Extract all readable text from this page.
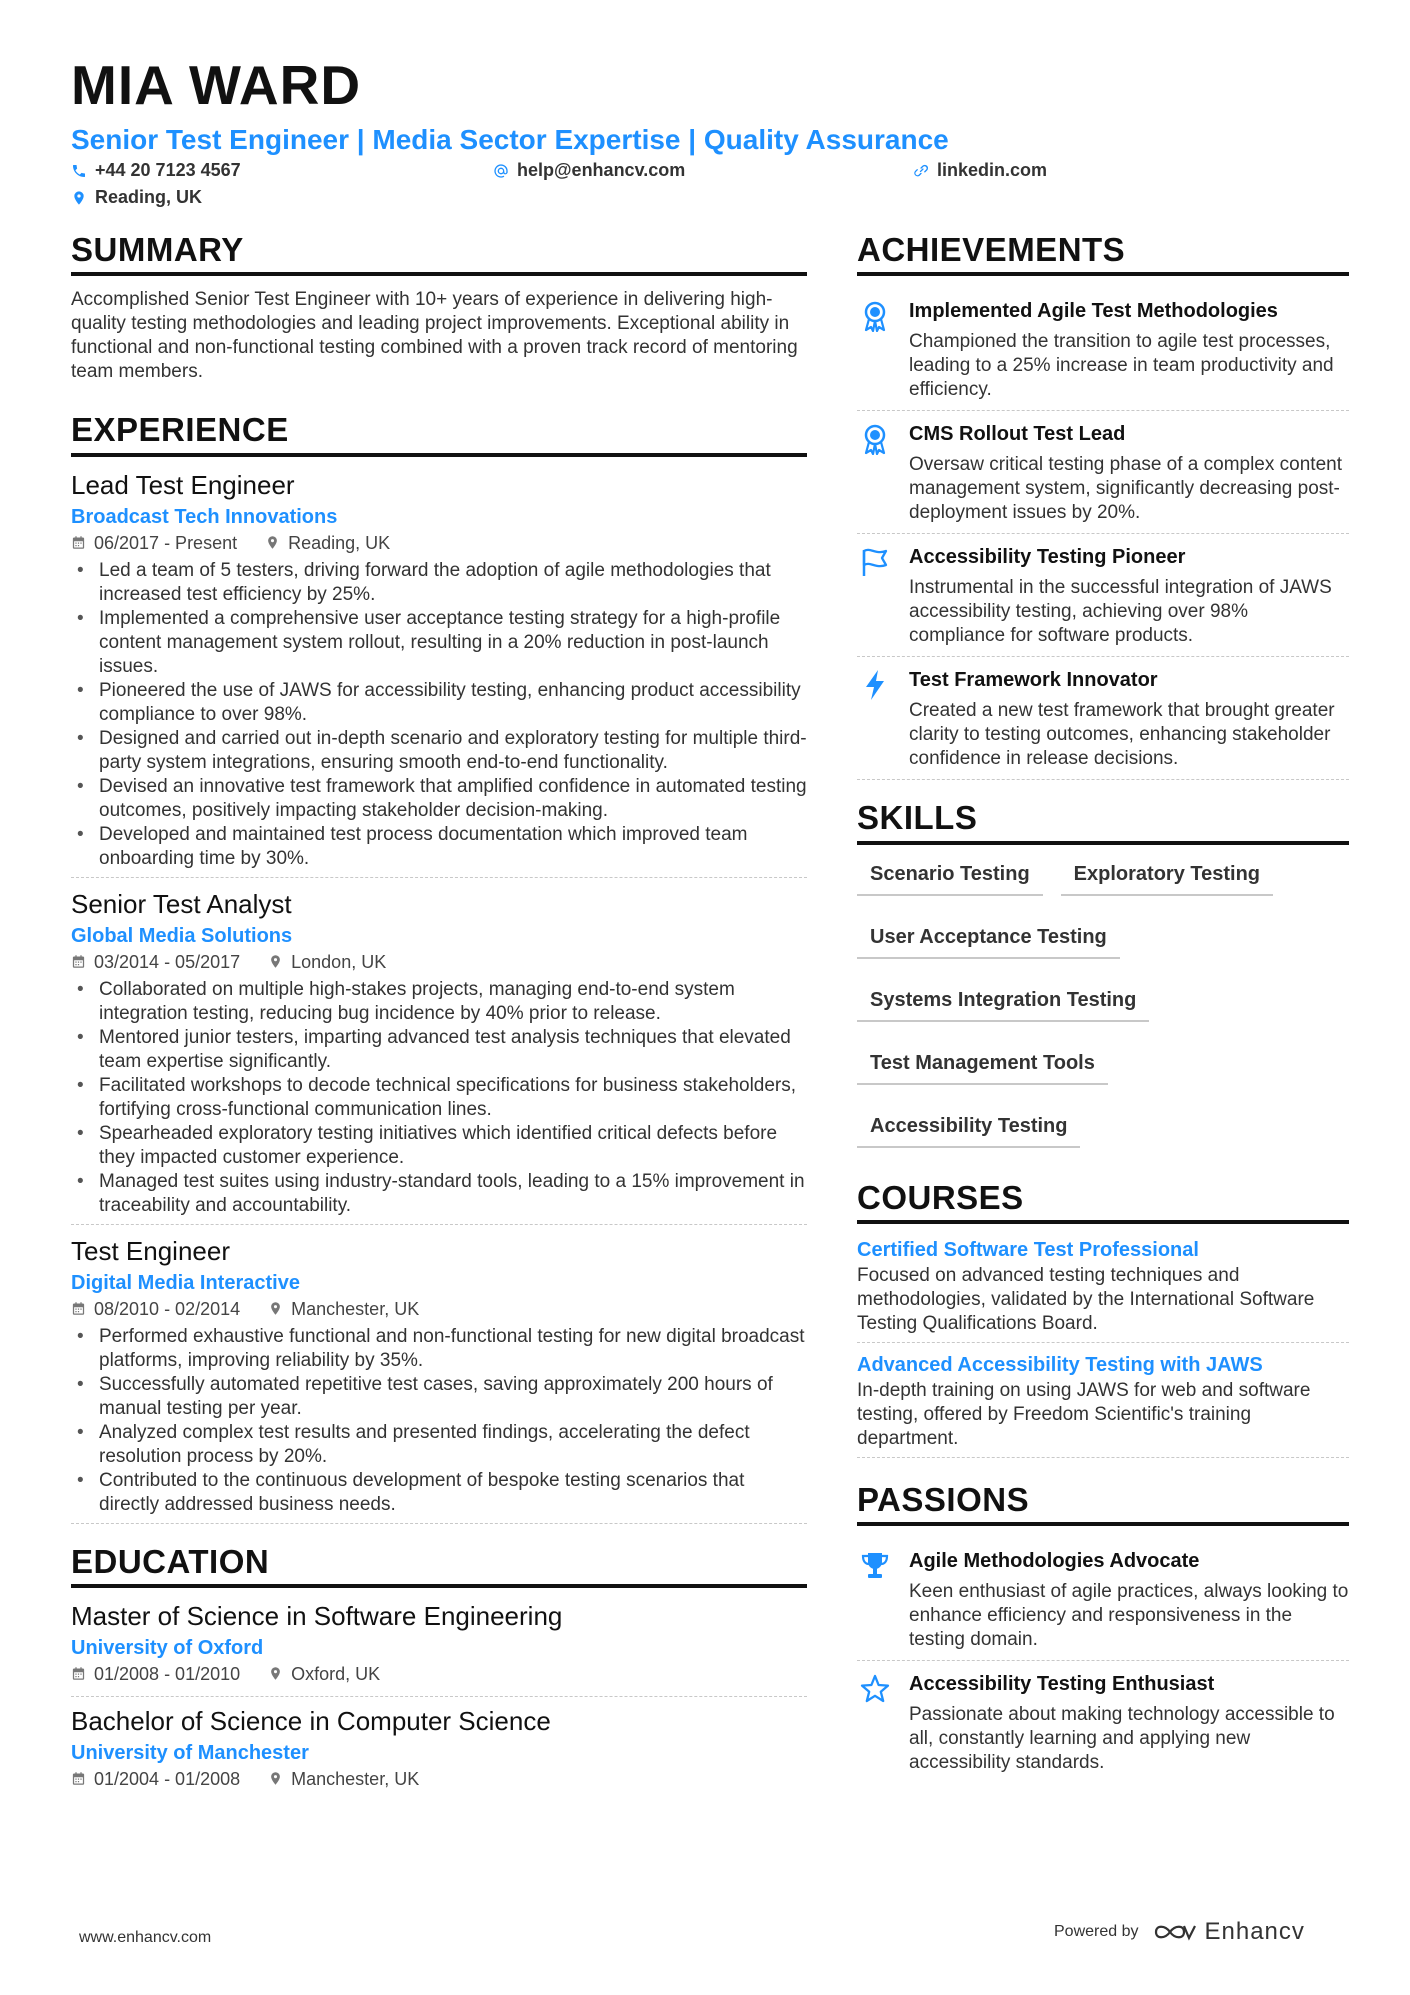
MIA WARD
Senior Test Engineer | Media Sector Expertise | Quality Assurance
+44 20 7123 4567	help@enhancv.com	linkedin.com
Reading, UK
SUMMARY
Accomplished Senior Test Engineer with 10+ years of experience in delivering high-quality testing methodologies and leading project improvements. Exceptional ability in functional and non-functional testing combined with a proven track record of mentoring team members.
EXPERIENCE
Lead Test Engineer
Broadcast Tech Innovations
06/2017 - Present	Reading, UK
• Led a team of 5 testers, driving forward the adoption of agile methodologies that increased test efficiency by 25%.
• Implemented a comprehensive user acceptance testing strategy for a high-profile content management system rollout, resulting in a 20% reduction in post-launch issues.
• Pioneered the use of JAWS for accessibility testing, enhancing product accessibility compliance to over 98%.
• Designed and carried out in-depth scenario and exploratory testing for multiple third-party system integrations, ensuring smooth end-to-end functionality.
• Devised an innovative test framework that amplified confidence in automated testing outcomes, positively impacting stakeholder decision-making.
• Developed and maintained test process documentation which improved team onboarding time by 30%.
Senior Test Analyst
Global Media Solutions
03/2014 - 05/2017	London, UK
• Collaborated on multiple high-stakes projects, managing end-to-end system integration testing, reducing bug incidence by 40% prior to release.
• Mentored junior testers, imparting advanced test analysis techniques that elevated team expertise significantly.
• Facilitated workshops to decode technical specifications for business stakeholders, fortifying cross-functional communication lines.
• Spearheaded exploratory testing initiatives which identified critical defects before they impacted customer experience.
• Managed test suites using industry-standard tools, leading to a 15% improvement in traceability and accountability.
Test Engineer
Digital Media Interactive
08/2010 - 02/2014	Manchester, UK
• Performed exhaustive functional and non-functional testing for new digital broadcast platforms, improving reliability by 35%.
• Successfully automated repetitive test cases, saving approximately 200 hours of manual testing per year.
• Analyzed complex test results and presented findings, accelerating the defect resolution process by 20%.
• Contributed to the continuous development of bespoke testing scenarios that directly addressed business needs.
EDUCATION
Master of Science in Software Engineering
University of Oxford
01/2008 - 01/2010	Oxford, UK
Bachelor of Science in Computer Science
University of Manchester
01/2004 - 01/2008	Manchester, UK
ACHIEVEMENTS
Implemented Agile Test Methodologies
Championed the transition to agile test processes, leading to a 25% increase in team productivity and efficiency.
CMS Rollout Test Lead
Oversaw critical testing phase of a complex content management system, significantly decreasing post-deployment issues by 20%.
Accessibility Testing Pioneer
Instrumental in the successful integration of JAWS accessibility testing, achieving over 98% compliance for software products.
Test Framework Innovator
Created a new test framework that brought greater clarity to testing outcomes, enhancing stakeholder confidence in release decisions.
SKILLS
Scenario Testing	Exploratory Testing
User Acceptance Testing
Systems Integration Testing
Test Management Tools
Accessibility Testing
COURSES
Certified Software Test Professional
Focused on advanced testing techniques and methodologies, validated by the International Software Testing Qualifications Board.
Advanced Accessibility Testing with JAWS
In-depth training on using JAWS for web and software testing, offered by Freedom Scientific's training department.
PASSIONS
Agile Methodologies Advocate
Keen enthusiast of agile practices, always looking to enhance efficiency and responsiveness in the testing domain.
Accessibility Testing Enthusiast
Passionate about making technology accessible to all, constantly learning and applying new accessibility standards.
www.enhancv.com	Powered by	Enhancv
